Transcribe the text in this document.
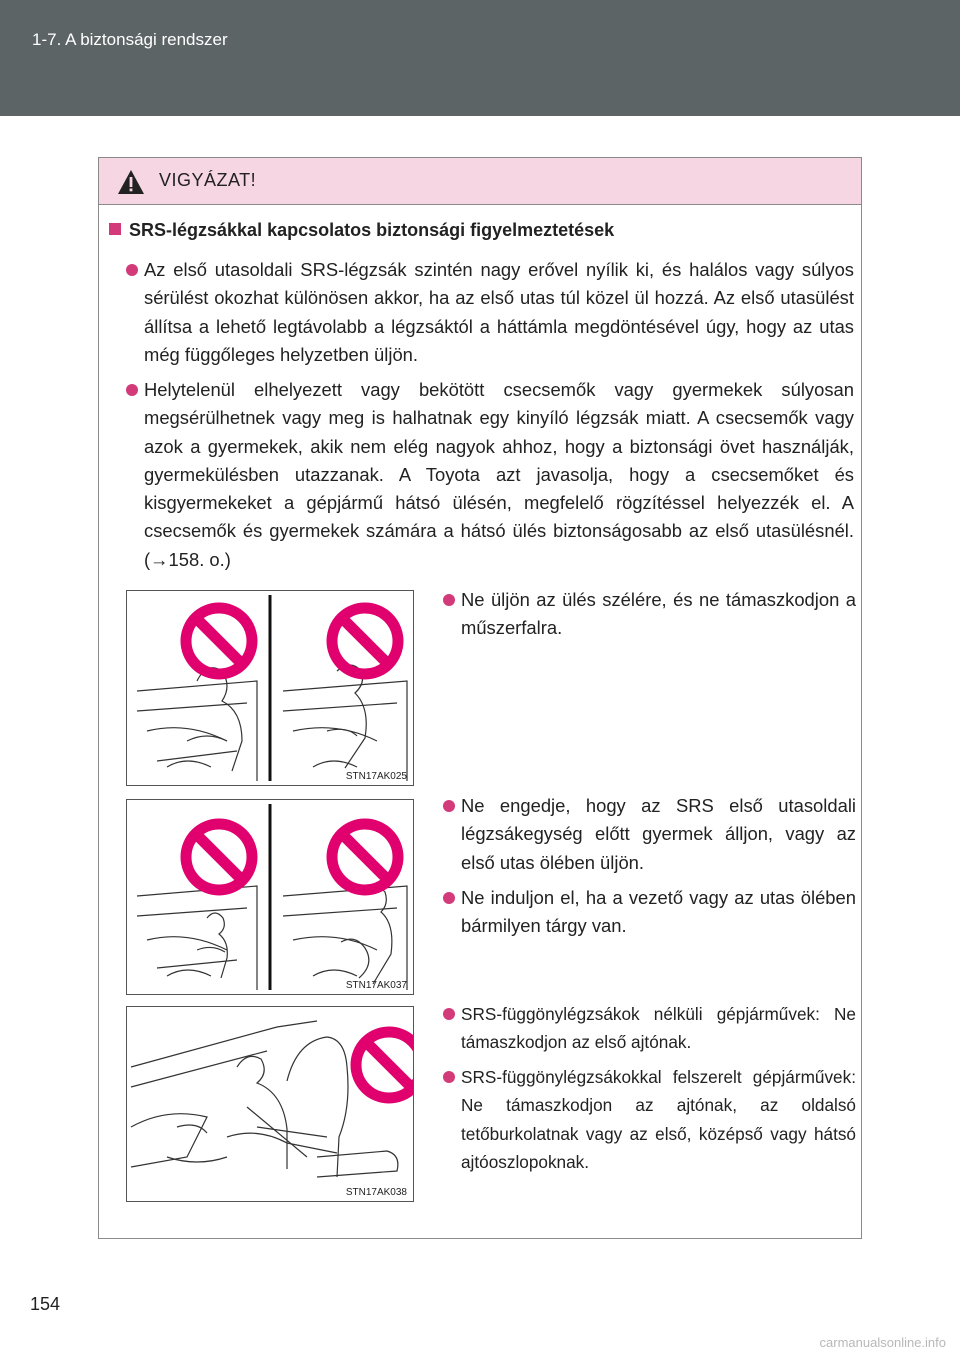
1-7. A biztonsági rendszer
VIGYÁZAT!
SRS-légzsákkal kapcsolatos biztonsági figyelmeztetések
Az első utasoldali SRS-légzsák szintén nagy erővel nyílik ki, és halálos vagy súlyos sérülést okozhat különösen akkor, ha az első utas túl közel ül hozzá. Az első utasülést állítsa a lehető legtávolabb a légzsáktól a háttámla megdöntésével úgy, hogy az utas még függőleges helyzetben üljön.
Helytelenül elhelyezett vagy bekötött csecsemők vagy gyermekek súlyosan megsérülhetnek vagy meg is halhatnak egy kinyíló légzsák miatt. A csecsemők vagy azok a gyermekek, akik nem elég nagyok ahhoz, hogy a biztonsági övet használják, gyermekülésben utazzanak. A Toyota azt javasolja, hogy a csecsemőket és kisgyermekeket a gépjármű hátsó ülésén, megfelelő rögzítéssel helyezzék el. A csecsemők és gyermekek számára a hátsó ülés biztonságosabb az első utasülésnél. (→158. o.)
STN17AK025
Ne üljön az ülés szélére, és ne támaszkodjon a műszerfalra.
STN17AK037
Ne engedje, hogy az SRS első utasoldali légzsákegység előtt gyermek álljon, vagy az első utas ölében üljön.
Ne induljon el, ha a vezető vagy az utas ölében bármilyen tárgy van.
STN17AK038
SRS-függönylégzsákok nélküli gépjárművek: Ne támaszkodjon az első ajtónak.
SRS-függönylégzsákokkal felszerelt gépjárművek: Ne támaszkodjon az ajtónak, az oldalsó tetőburkolatnak vagy az első, középső vagy hátsó ajtóoszlopoknak.
154
carmanualsonline.info
